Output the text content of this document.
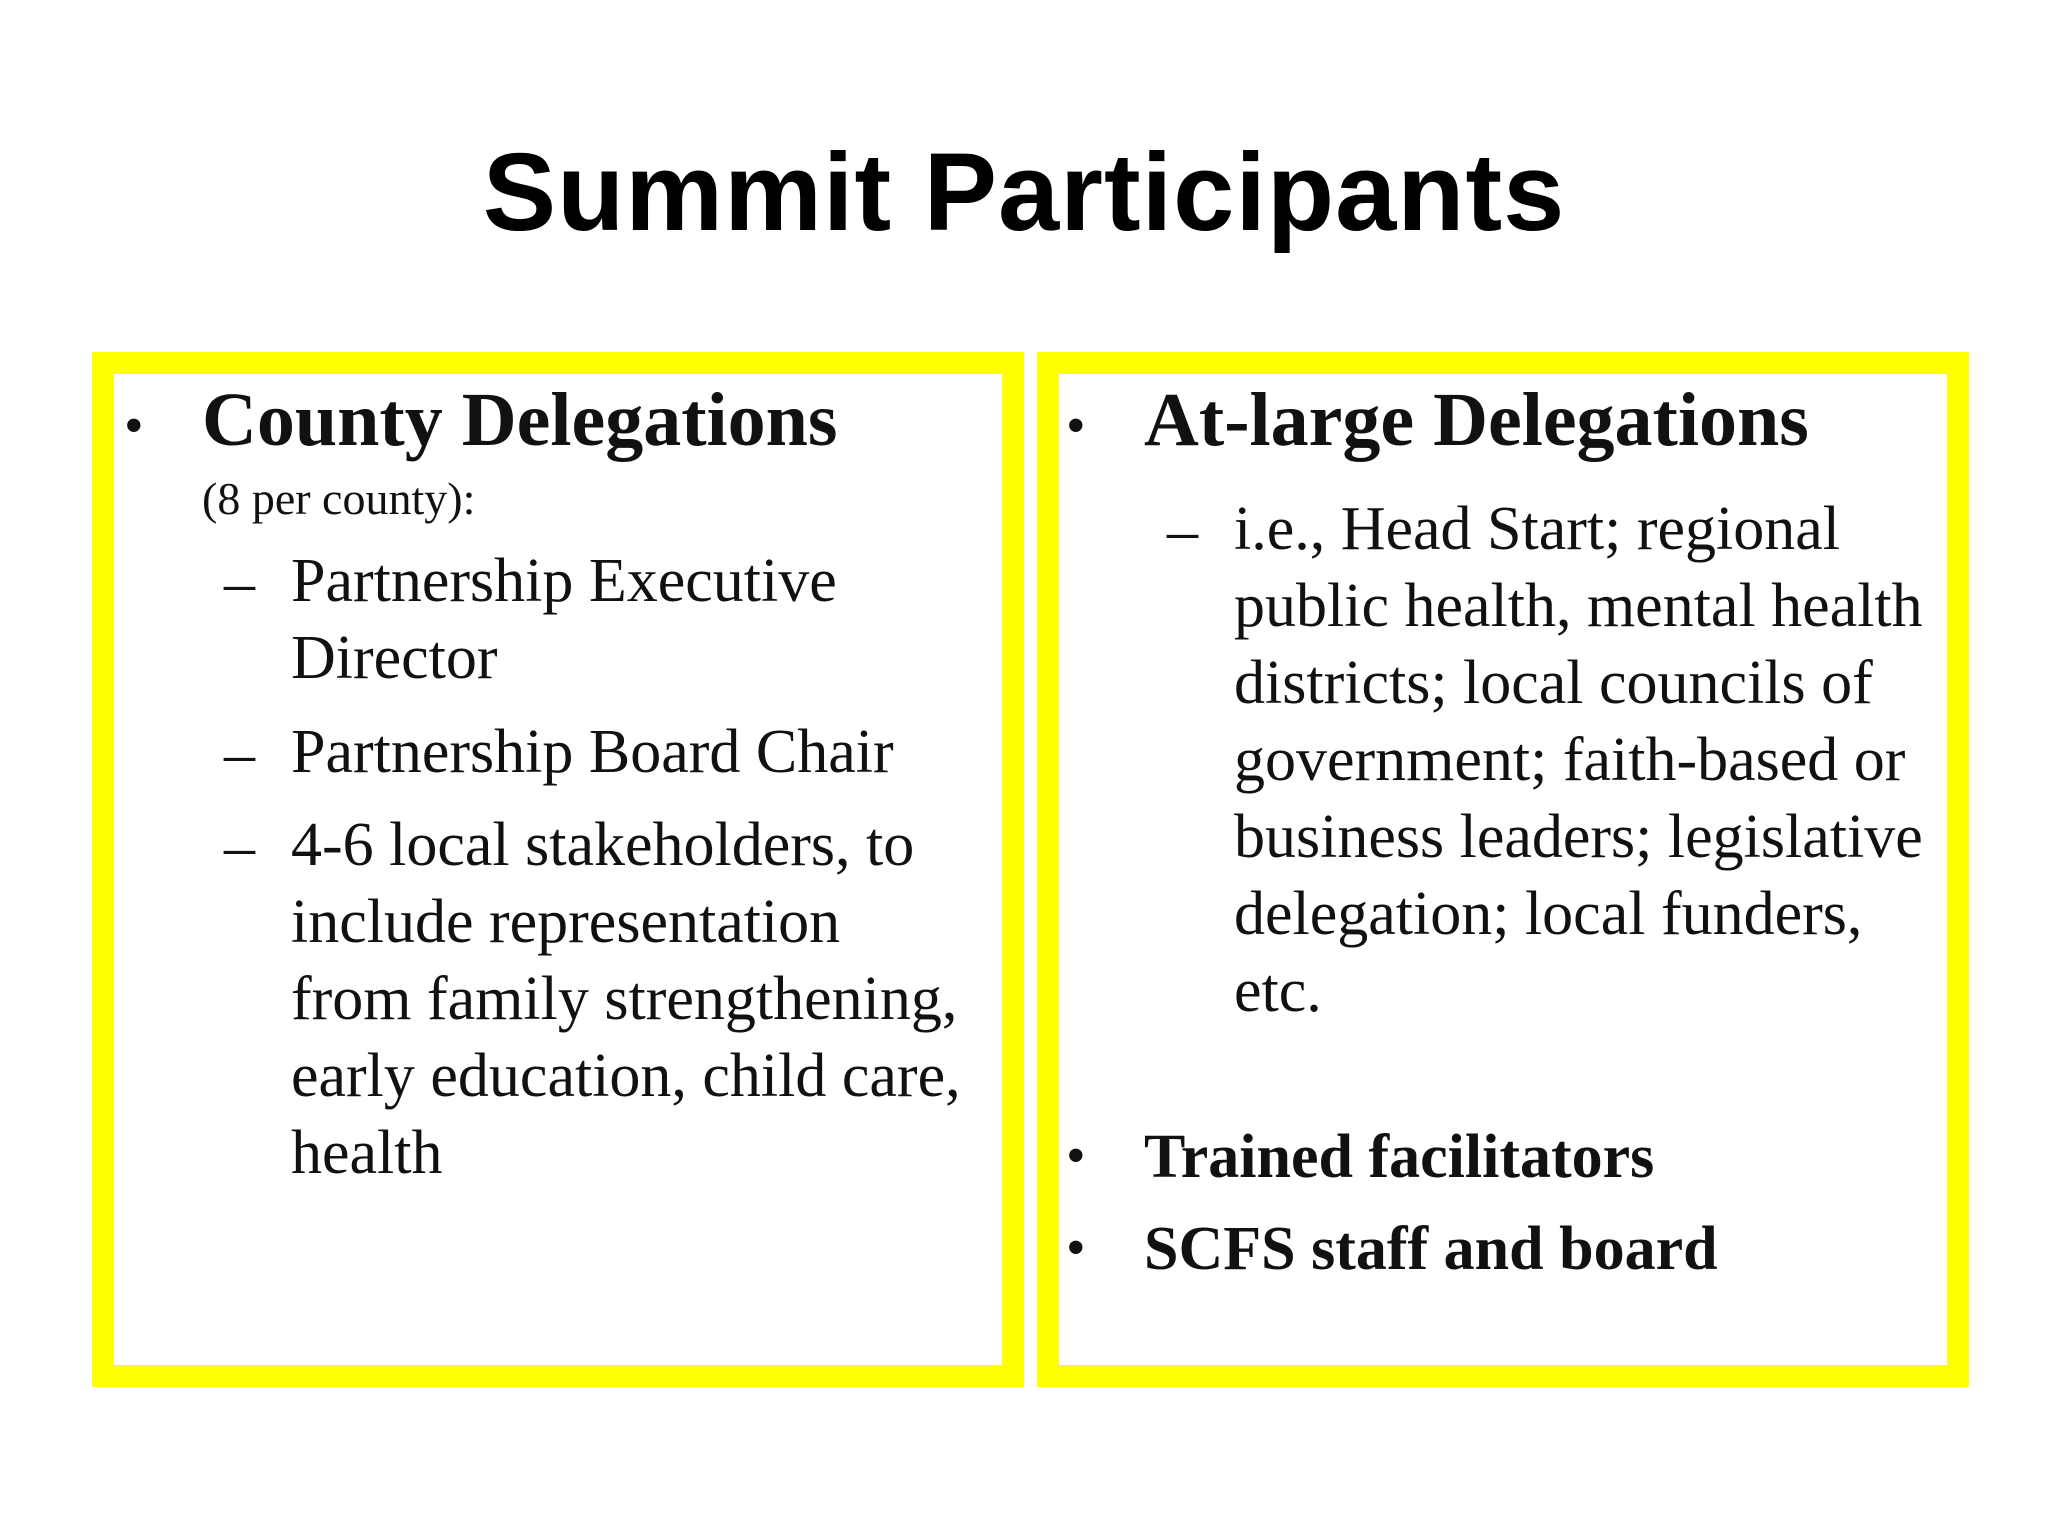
Summit Participants
• County Delegations
(8 per county):
– Partnership Executive Director
– Partnership Board Chair
– 4-6 local stakeholders, to include representation from family strengthening, early education, child care, health
• At-large Delegations
– i.e., Head Start; regional public health, mental health districts; local councils of government; faith-based or business leaders; legislative delegation; local funders, etc.
• Trained facilitators
• SCFS staff and board
